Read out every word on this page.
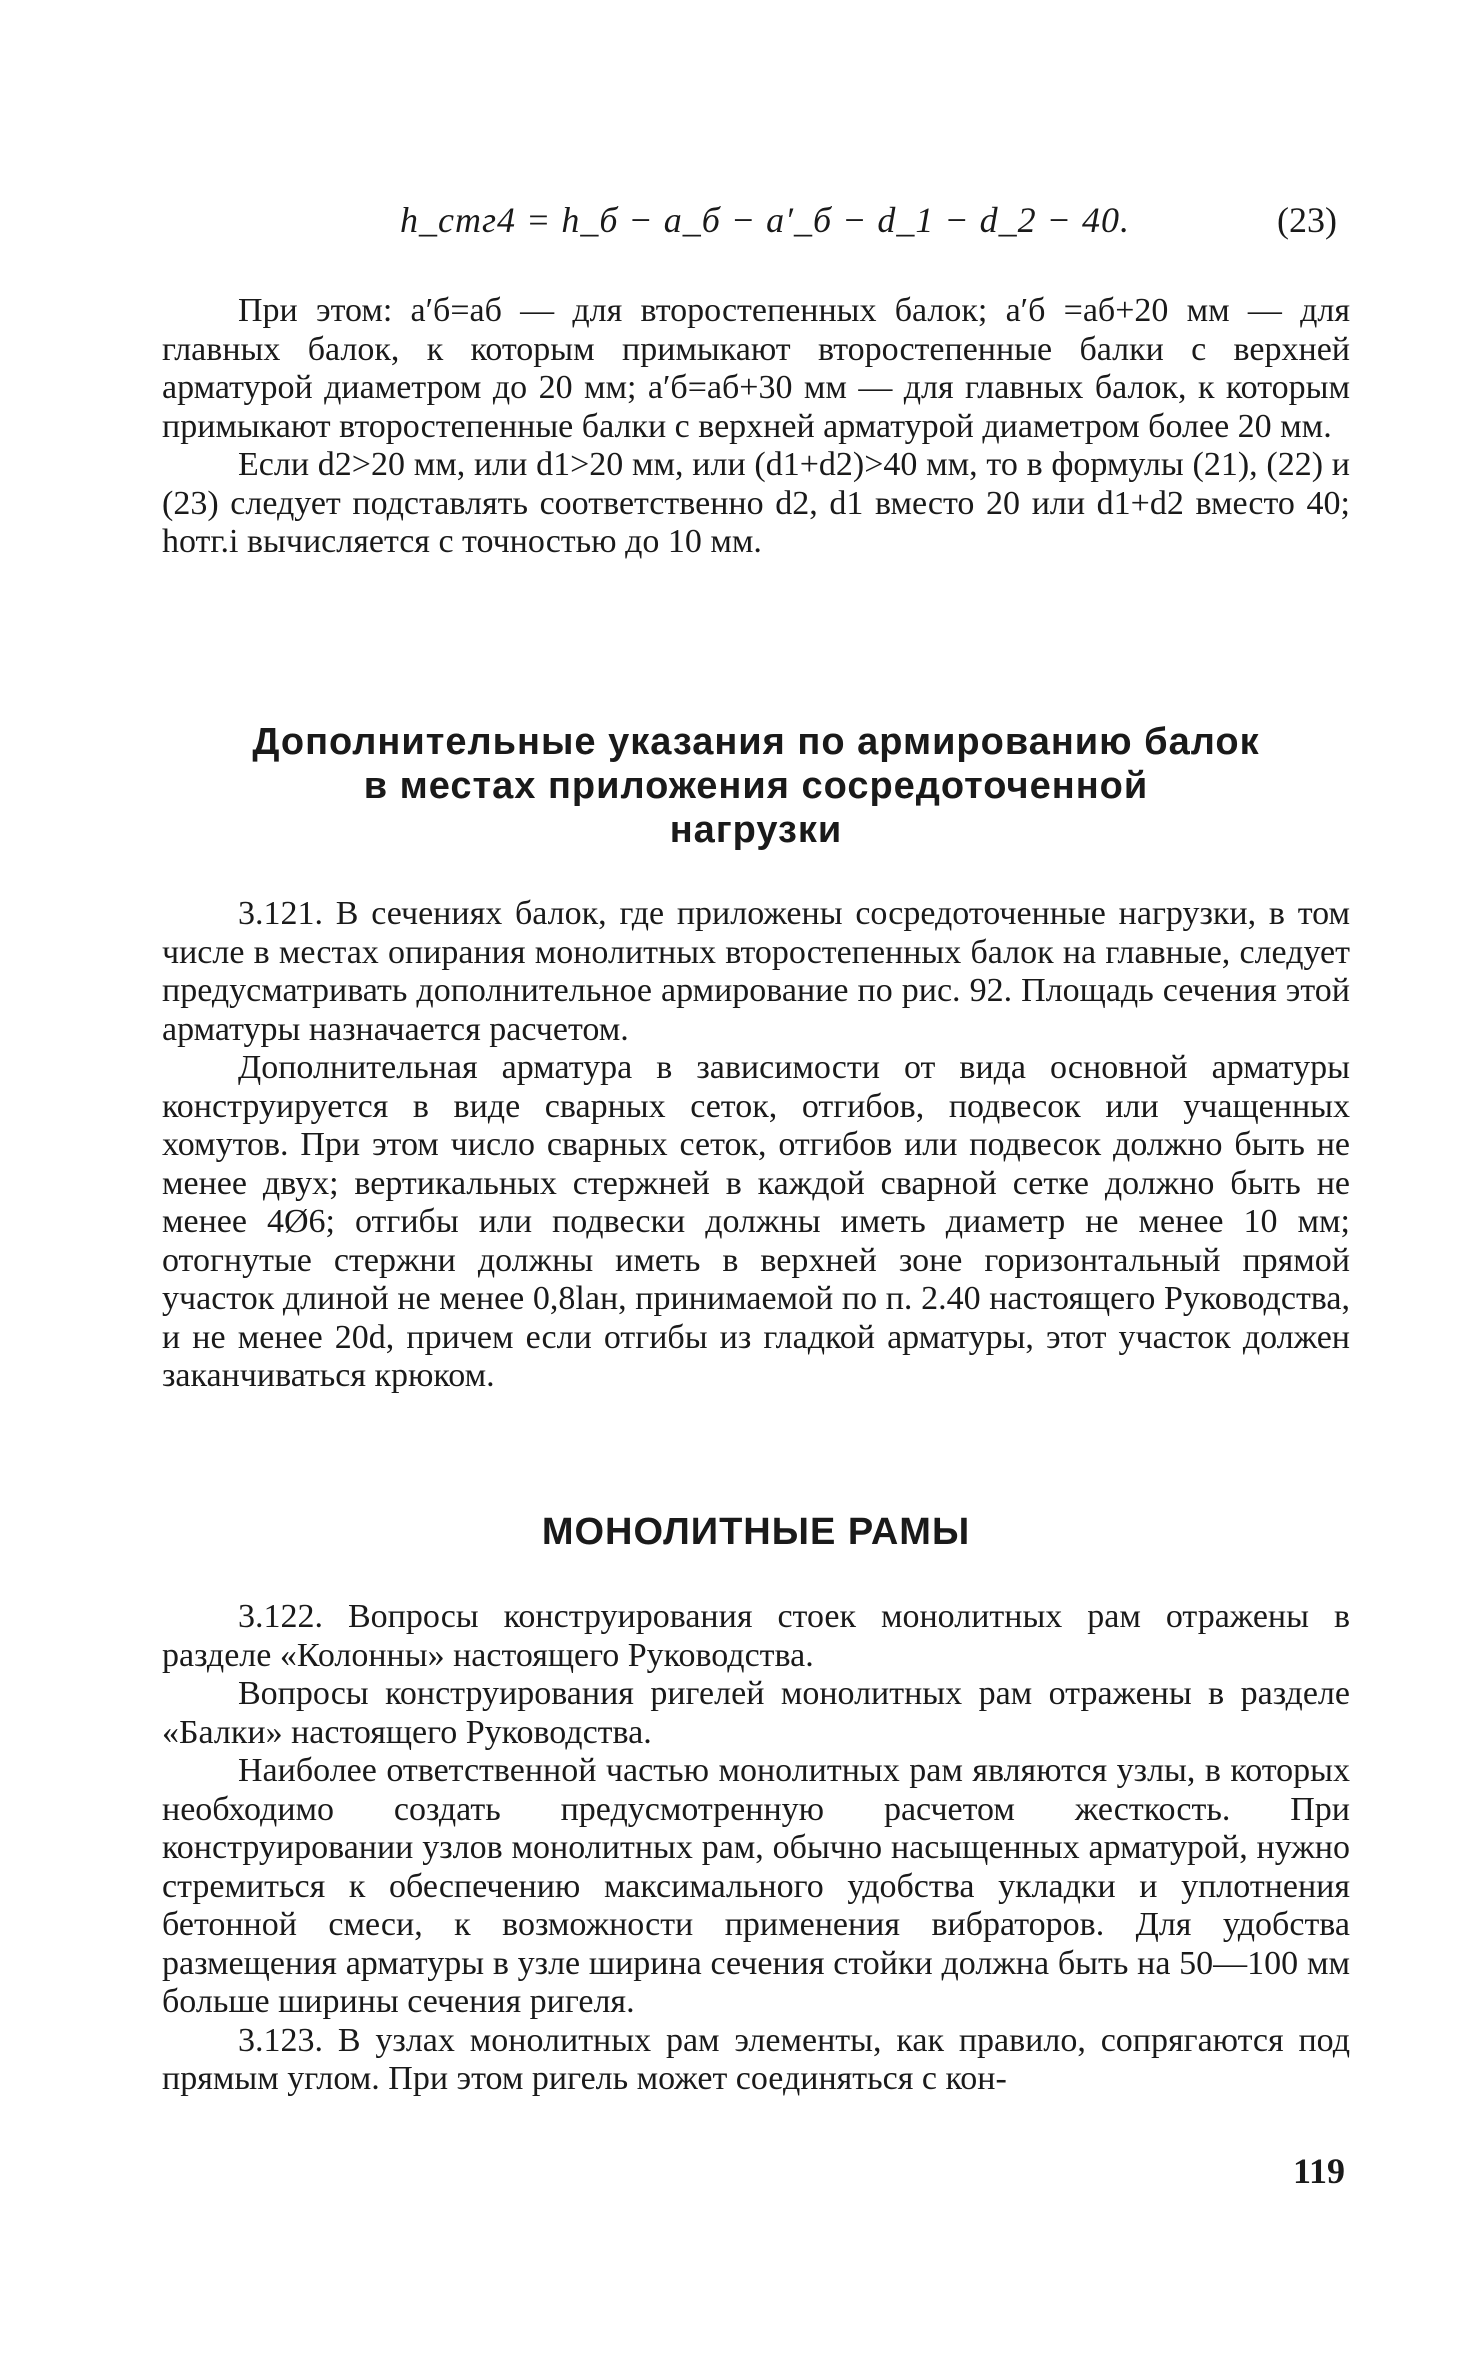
h_стг4 = h_б − a_б − a′_б − d_1 − d_2 − 40.	(23)

При этом: a′б=aб — для второстепенных балок; a′б =aб+20 мм — для главных балок, к которым примыкают второстепенные балки с верхней арматурой диаметром до 20 мм; a′б=aб+30 мм — для главных балок, к которым примыкают второстепенные балки с верхней арматурой диаметром более 20 мм.

Если d2>20 мм, или d1>20 мм, или (d1+d2)>40 мм, то в формулы (21), (22) и (23) следует подставлять соответственно d2, d1 вместо 20 или d1+d2 вместо 40; hотг.i вычисляется с точностью до 10 мм.

Дополнительные указания по армированию балок
в местах приложения сосредоточенной
нагрузки

3.121. В сечениях балок, где приложены сосредоточенные нагрузки, в том числе в местах опирания монолитных второстепенных балок на главные, следует предусматривать дополнительное армирование по рис. 92. Площадь сечения этой арматуры назначается расчетом.

Дополнительная арматура в зависимости от вида основной арматуры конструируется в виде сварных сеток, отгибов, подвесок или учащенных хомутов. При этом число сварных сеток, отгибов или подвесок должно быть не менее двух; вертикальных стержней в каждой сварной сетке должно быть не менее 4Ø6; отгибы или подвески должны иметь диаметр не менее 10 мм; отогнутые стержни должны иметь в верхней зоне горизонтальный прямой участок длиной не менее 0,8lан, принимаемой по п. 2.40 настоящего Руководства, и не менее 20d, причем если отгибы из гладкой арматуры, этот участок должен заканчиваться крюком.

МОНОЛИТНЫЕ РАМЫ

3.122. Вопросы конструирования стоек монолитных рам отражены в разделе «Колонны» настоящего Руководства.

Вопросы конструирования ригелей монолитных рам отражены в разделе «Балки» настоящего Руководства.

Наиболее ответственной частью монолитных рам являются узлы, в которых необходимо создать предусмотренную расчетом жесткость. При конструировании узлов монолитных рам, обычно насыщенных арматурой, нужно стремиться к обеспечению максимального удобства укладки и уплотнения бетонной смеси, к возможности применения вибраторов. Для удобства размещения арматуры в узле ширина сечения стойки должна быть на 50—100 мм больше ширины сечения ригеля.

3.123. В узлах монолитных рам элементы, как правило, сопрягаются под прямым углом. При этом ригель может соединяться с кон-

119
